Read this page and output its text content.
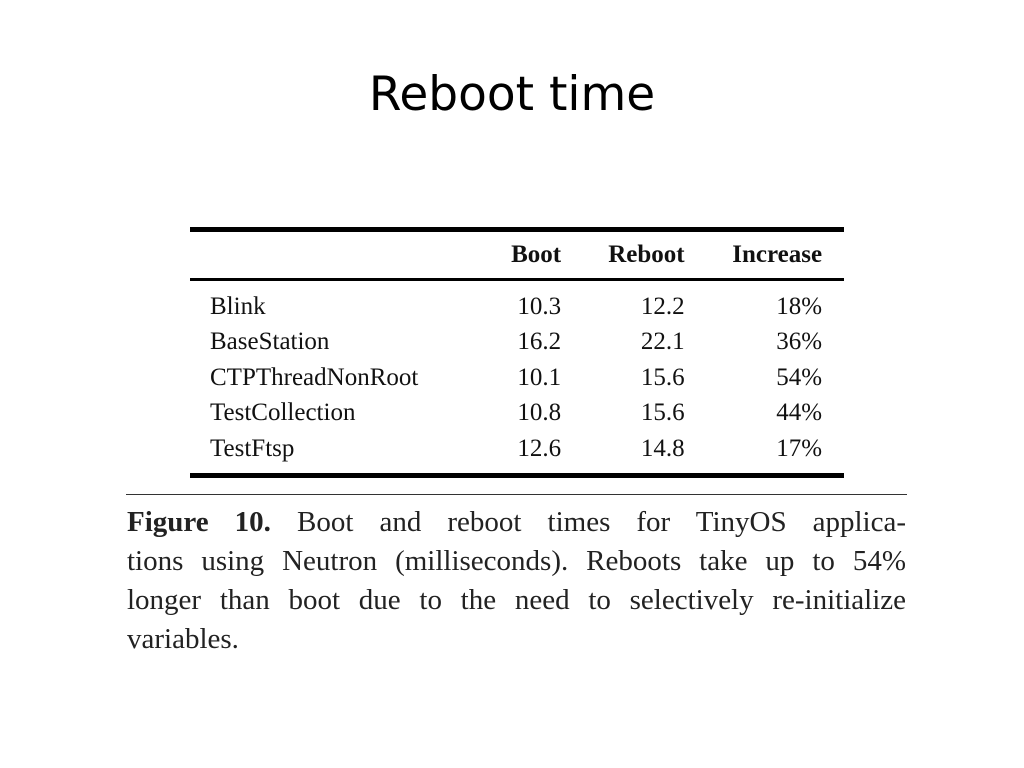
Reboot time
	Boot	Reboot	Increase	

Blink	10.3	12.2	18%	
BaseStation	16.2	22.1	36%	
CTPThreadNonRoot	10.1	15.6	54%	
TestCollection	10.8	15.6	44%	
TestFtsp	12.6	14.8	17%	
Figure 10. Boot and reboot times for TinyOS applica-
tions using Neutron (milliseconds). Reboots take up to 54%
longer than boot due to the need to selectively re-initialize
variables.
